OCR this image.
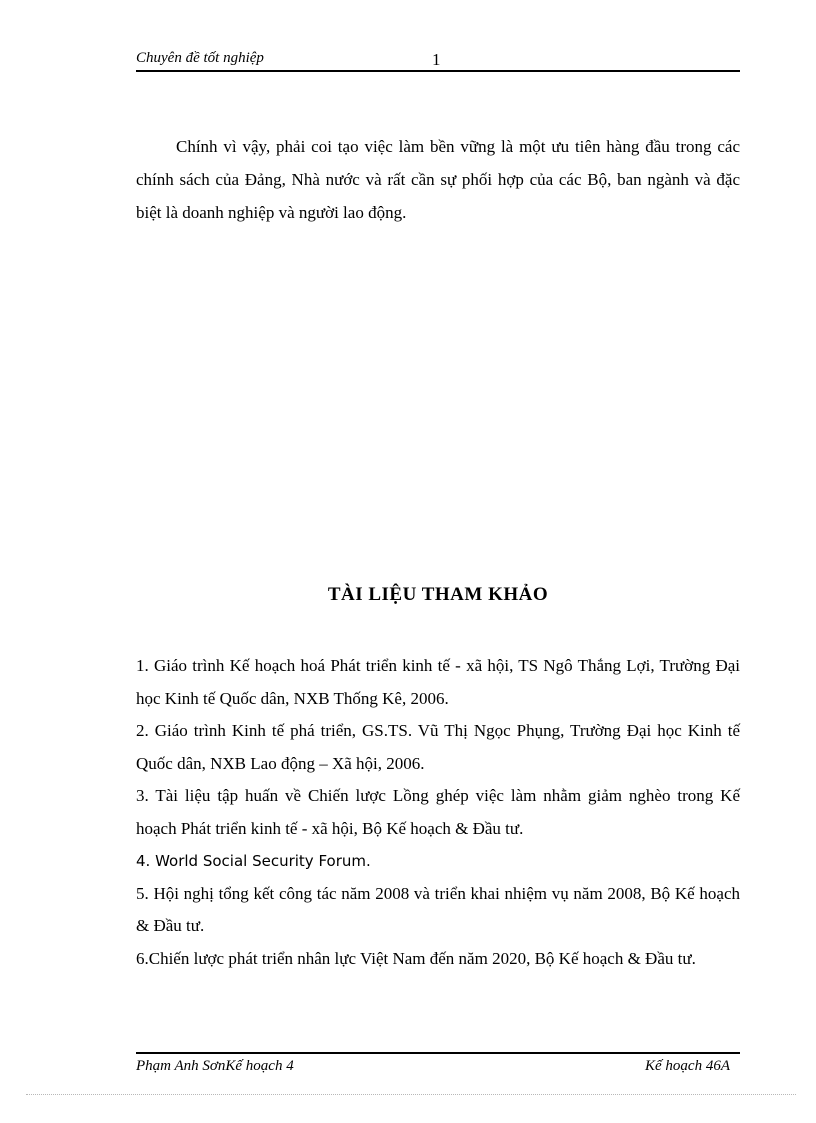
Chuyên đề tốt nghiệp	1

Chính vì vậy, phải coi tạo việc làm bền vững là một ưu tiên hàng đầu trong các chính sách của Đảng, Nhà nước và rất cần sự phối hợp của các Bộ, ban ngành và đặc biệt là doanh nghiệp và người lao động.

TÀI LIỆU THAM KHẢO

1. Giáo trình Kế hoạch hoá Phát triển kinh tế - xã hội, TS Ngô Thắng Lợi, Trường Đại học Kinh tế Quốc dân, NXB Thống Kê, 2006.

2. Giáo trình Kinh tế phá triển, GS.TS. Vũ Thị Ngọc Phụng, Trường Đại học Kinh tế Quốc dân, NXB Lao động – Xã hội, 2006.

3. Tài liệu tập huấn về Chiến lược Lồng ghép việc làm nhằm giảm nghèo trong Kế hoạch Phát triển kinh tế - xã hội, Bộ Kế hoạch & Đầu tư.

4. World Social Security Forum.

5. Hội nghị tổng kết công tác năm 2008 và triển khai nhiệm vụ năm 2008, Bộ Kế hoạch & Đầu tư.

6.Chiến lược phát triển nhân lực Việt Nam đến năm 2020, Bộ Kế hoạch & Đầu tư.

Phạm Anh SơnKế hoạch 4	Kế hoạch 46A
